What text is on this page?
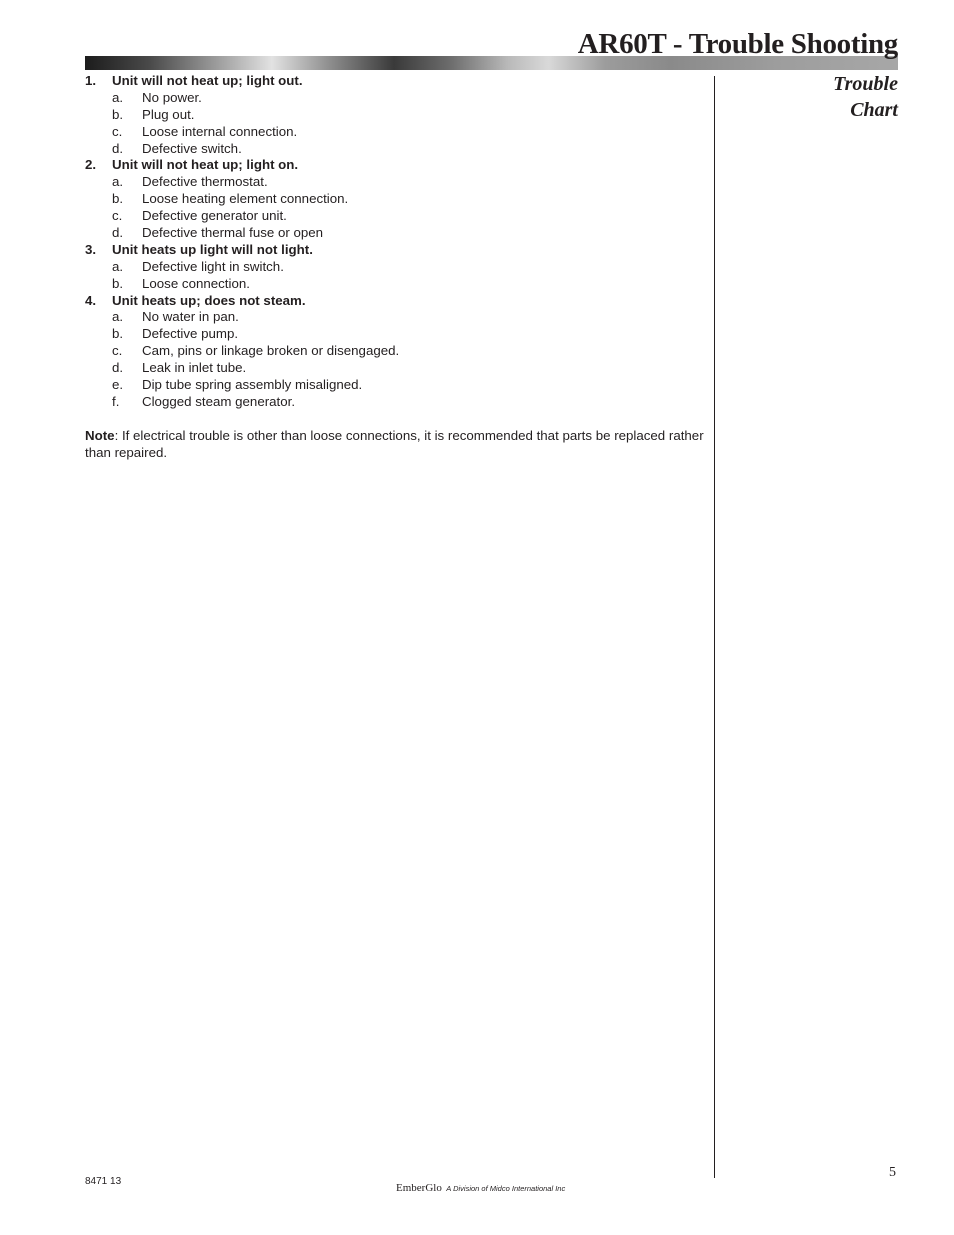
AR60T - Trouble Shooting
Trouble
Chart
1.	Unit will not heat up; light out.
a.	No power.
b.	Plug out.
c.	Loose internal connection.
d.	Defective switch.
2.	Unit will not heat up; light on.
a.	Defective thermostat.
b.	Loose heating element connection.
c.	Defective generator unit.
d.	Defective thermal fuse or open
3.	Unit heats up light will not light.
a.	Defective light in switch.
b.	Loose connection.
4.	Unit heats up; does not steam.
a.	No water in pan.
b.	Defective pump.
c.	Cam, pins or linkage broken or disengaged.
d.	Leak in inlet tube.
e.	Dip tube spring assembly misaligned.
f.	Clogged steam generator.

Note: If electrical trouble is other than loose connections, it is recommended that parts be replaced rather than repaired.

8471 13
EmberGlo A Division of Midco International Inc
5
